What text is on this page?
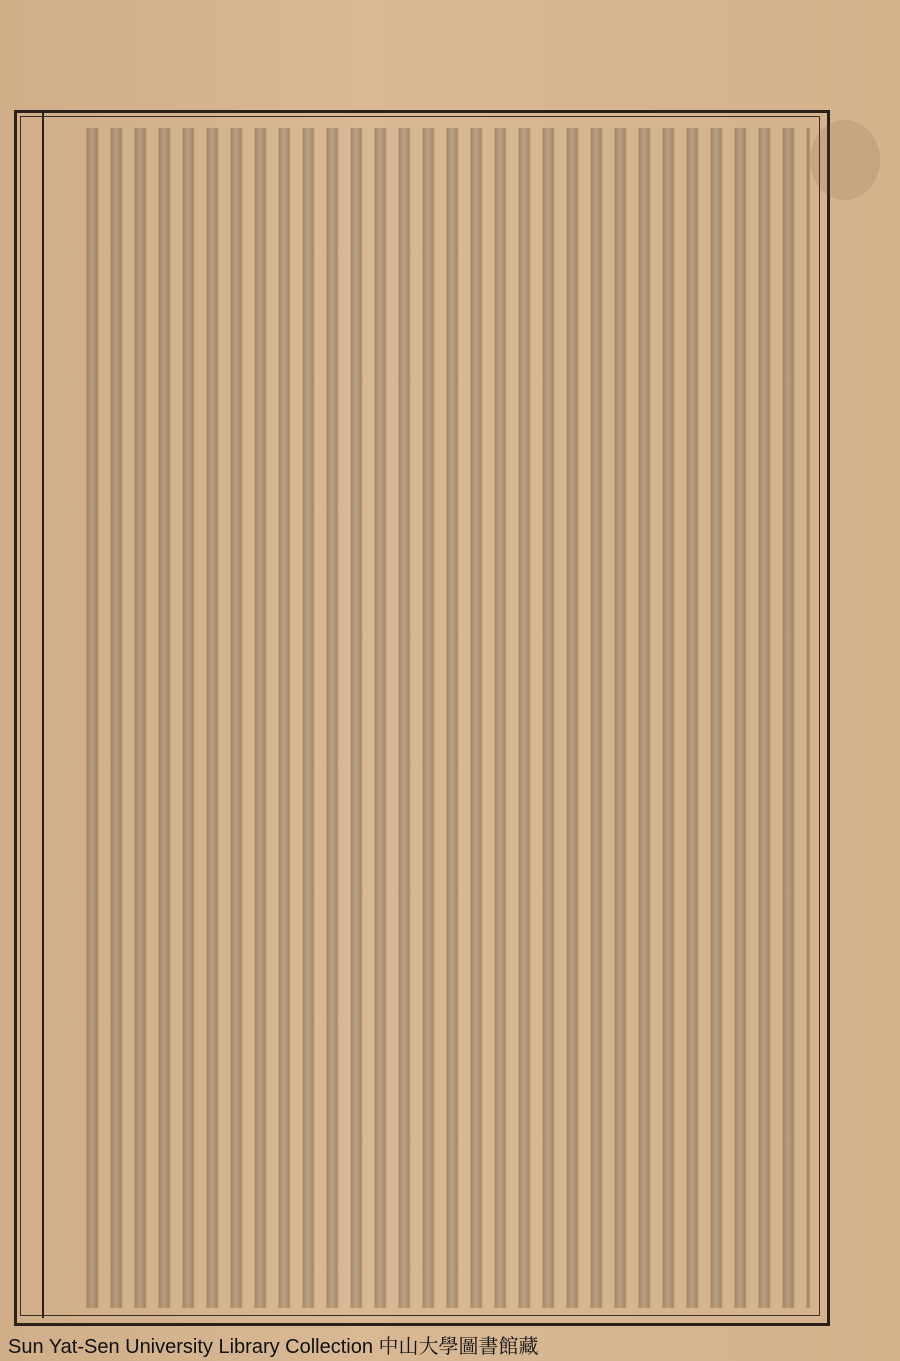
Sun Yat-Sen University Library Collection 中山大學圖書館藏
